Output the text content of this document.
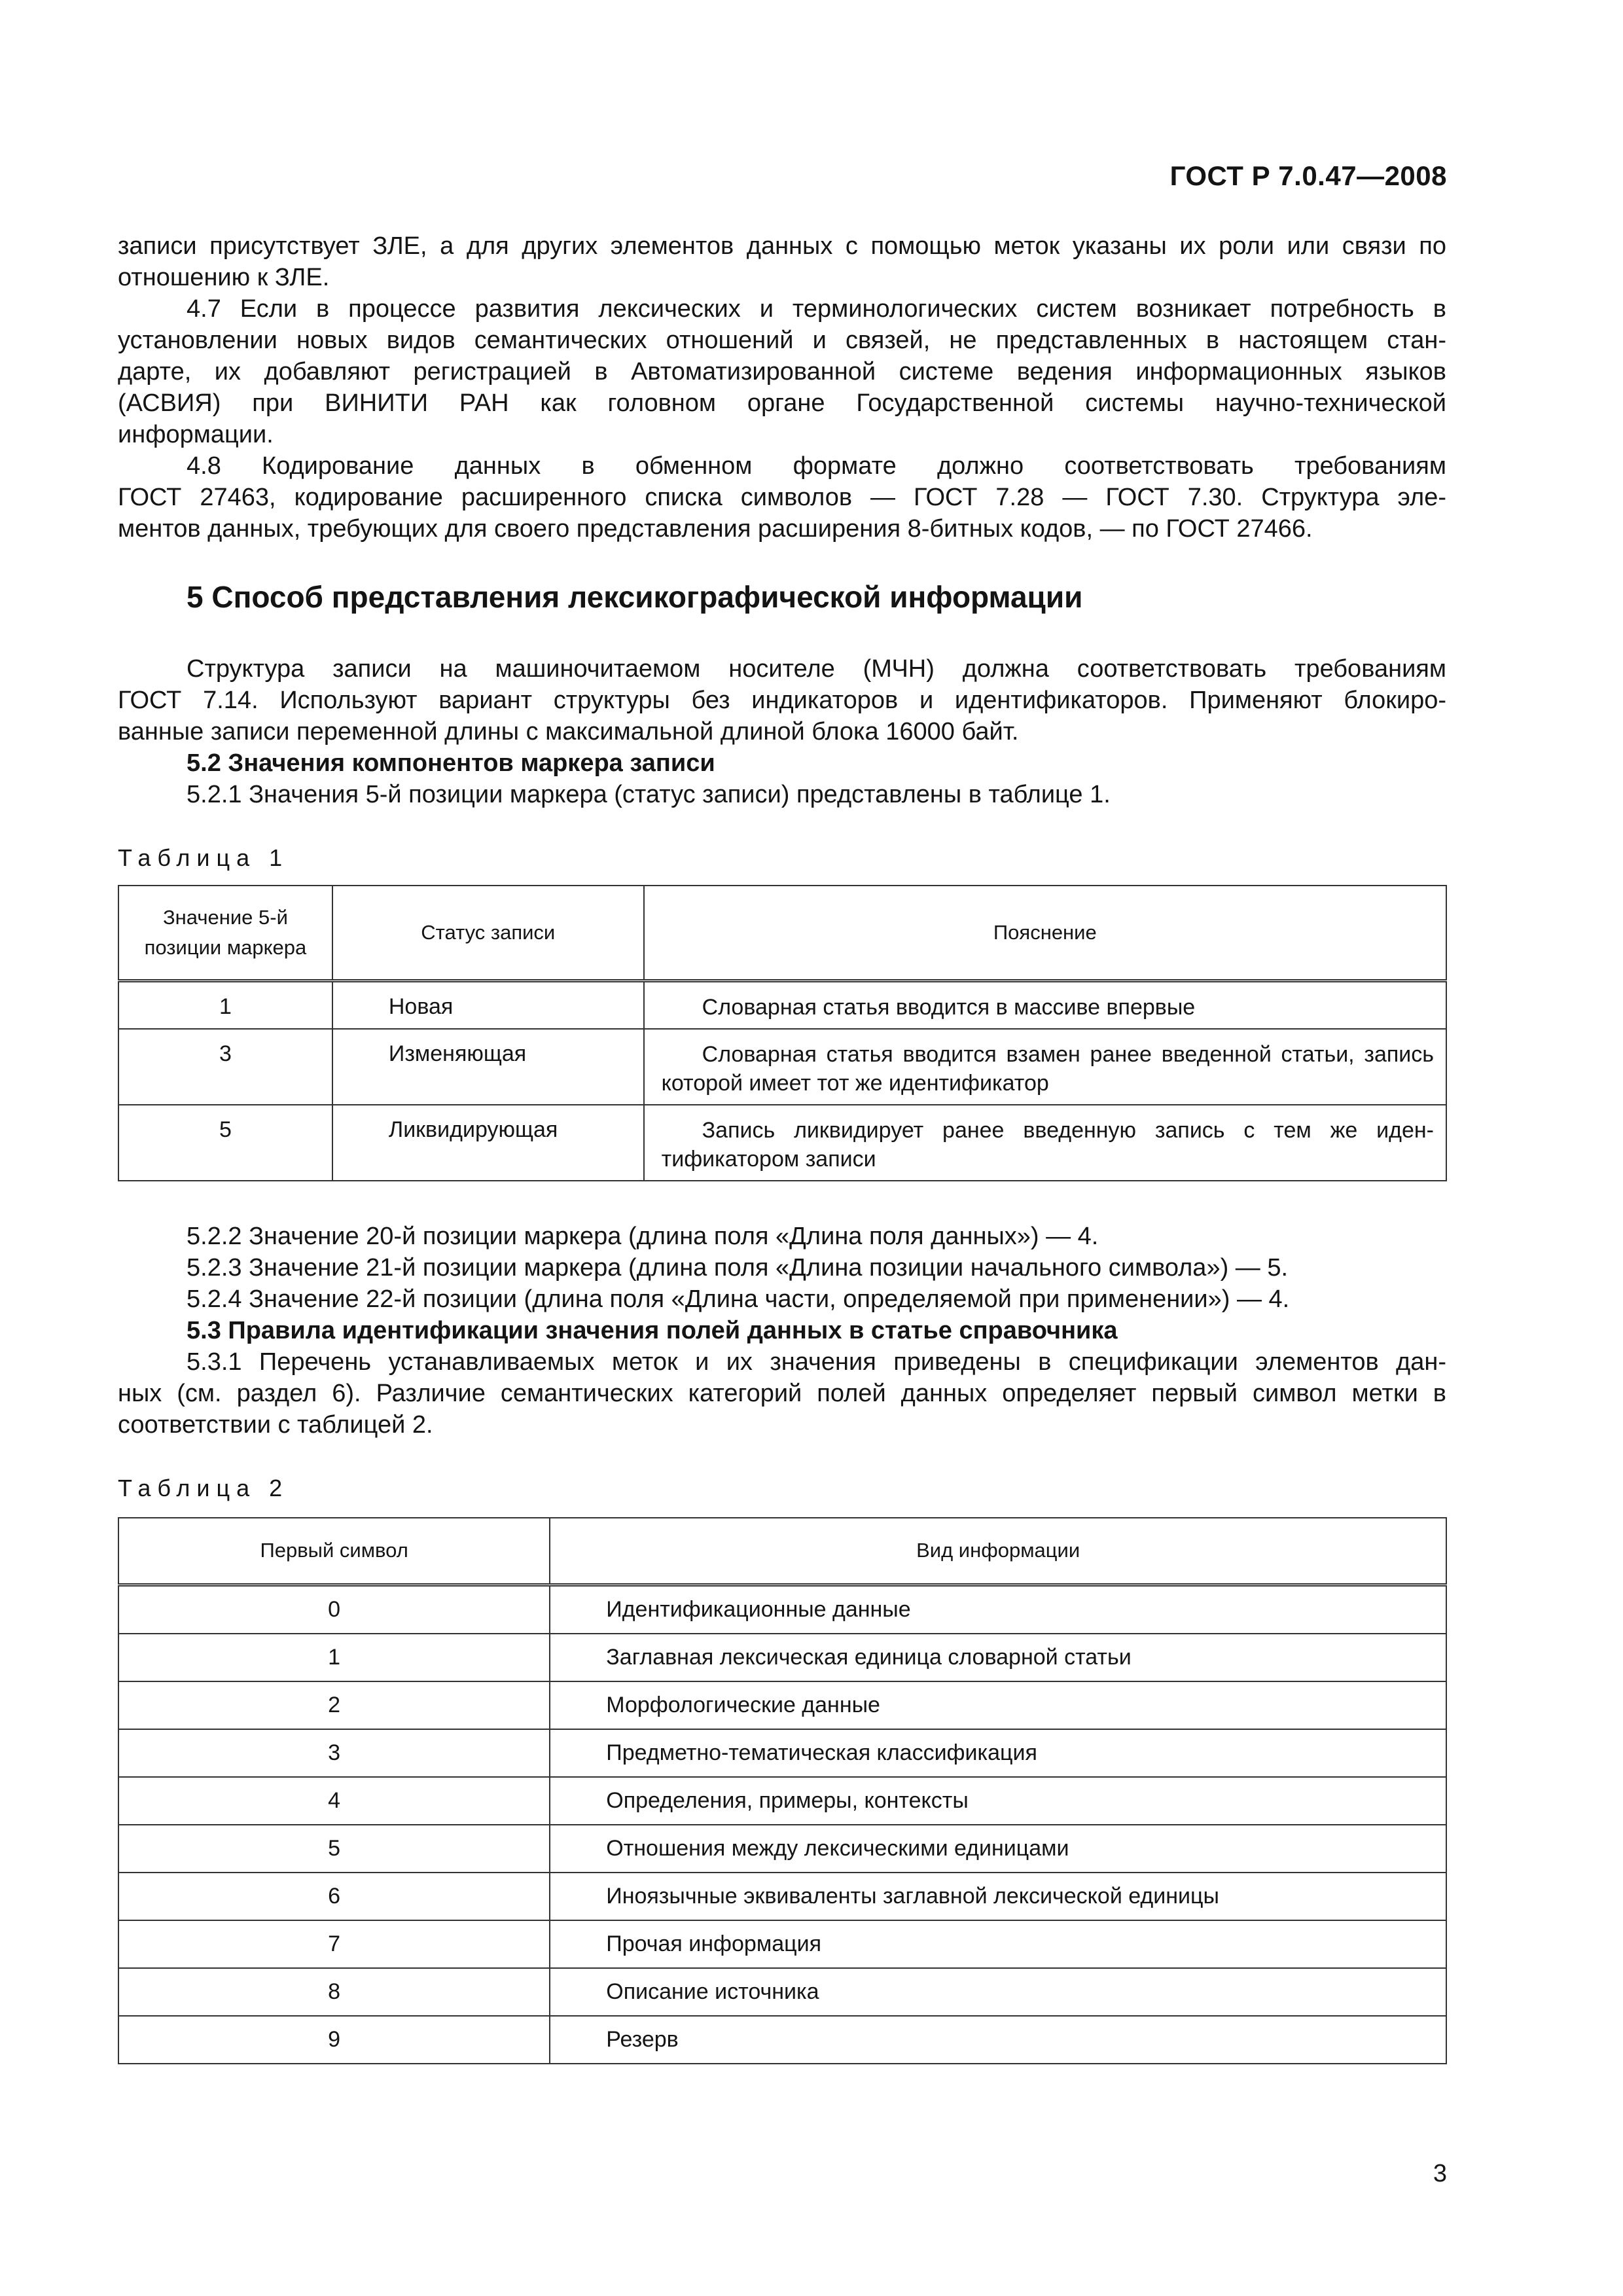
ГОСТ Р 7.0.47—2008
записи присутствует ЗЛЕ, а для других элементов данных с помощью меток указаны их роли или связи по
отношению к ЗЛЕ.
4.7 Если в процессе развития лексических и терминологических систем возникает потребность в
установлении новых видов семантических отношений и связей, не представленных в настоящем стан-
дарте, их добавляют регистрацией в Автоматизированной системе ведения информационных языков
(АСВИЯ) при ВИНИТИ РАН как головном органе Государственной системы научно-технической
информации.
4.8 Кодирование данных в обменном формате должно соответствовать требованиям
ГОСТ 27463, кодирование расширенного списка символов — ГОСТ 7.28 — ГОСТ 7.30. Структура эле-
ментов данных, требующих для своего представления расширения 8-битных кодов, — по ГОСТ 27466.
5 Способ представления лексикографической информации
Структура записи на машиночитаемом носителе (МЧН) должна соответствовать требованиям
ГОСТ 7.14. Используют вариант структуры без индикаторов и идентификаторов. Применяют блокиро-
ванные записи переменной длины с максимальной длиной блока 16000 байт.
5.2 Значения компонентов маркера записи
5.2.1 Значения 5-й позиции маркера (статус записи) представлены в таблице 1.
Таблица 1
Значение 5-й позиции маркера	Статус записи	Пояснение
1	Новая	Словарная статья вводится в массиве впервые
3	Изменяющая	Словарная статья вводится взамен ранее введенной статьи, запись которой имеет тот же идентификатор
5	Ликвидирующая	Запись ликвидирует ранее введенную запись с тем же иден- тификатором записи
5.2.2 Значение 20-й позиции маркера (длина поля «Длина поля данных») — 4.
5.2.3 Значение 21-й позиции маркера (длина поля «Длина позиции начального символа») — 5.
5.2.4 Значение 22-й позиции (длина поля «Длина части, определяемой при применении») — 4.
5.3 Правила идентификации значения полей данных в статье справочника
5.3.1 Перечень устанавливаемых меток и их значения приведены в спецификации элементов дан-
ных (см. раздел 6). Различие семантических категорий полей данных определяет первый символ метки в
соответствии с таблицей 2.
Таблица 2
Первый символ	Вид информации
0	Идентификационные данные
1	Заглавная лексическая единица словарной статьи
2	Морфологические данные
3	Предметно-тематическая классификация
4	Определения, примеры, контексты
5	Отношения между лексическими единицами
6	Иноязычные эквиваленты заглавной лексической единицы
7	Прочая информация
8	Описание источника
9	Резерв
3
